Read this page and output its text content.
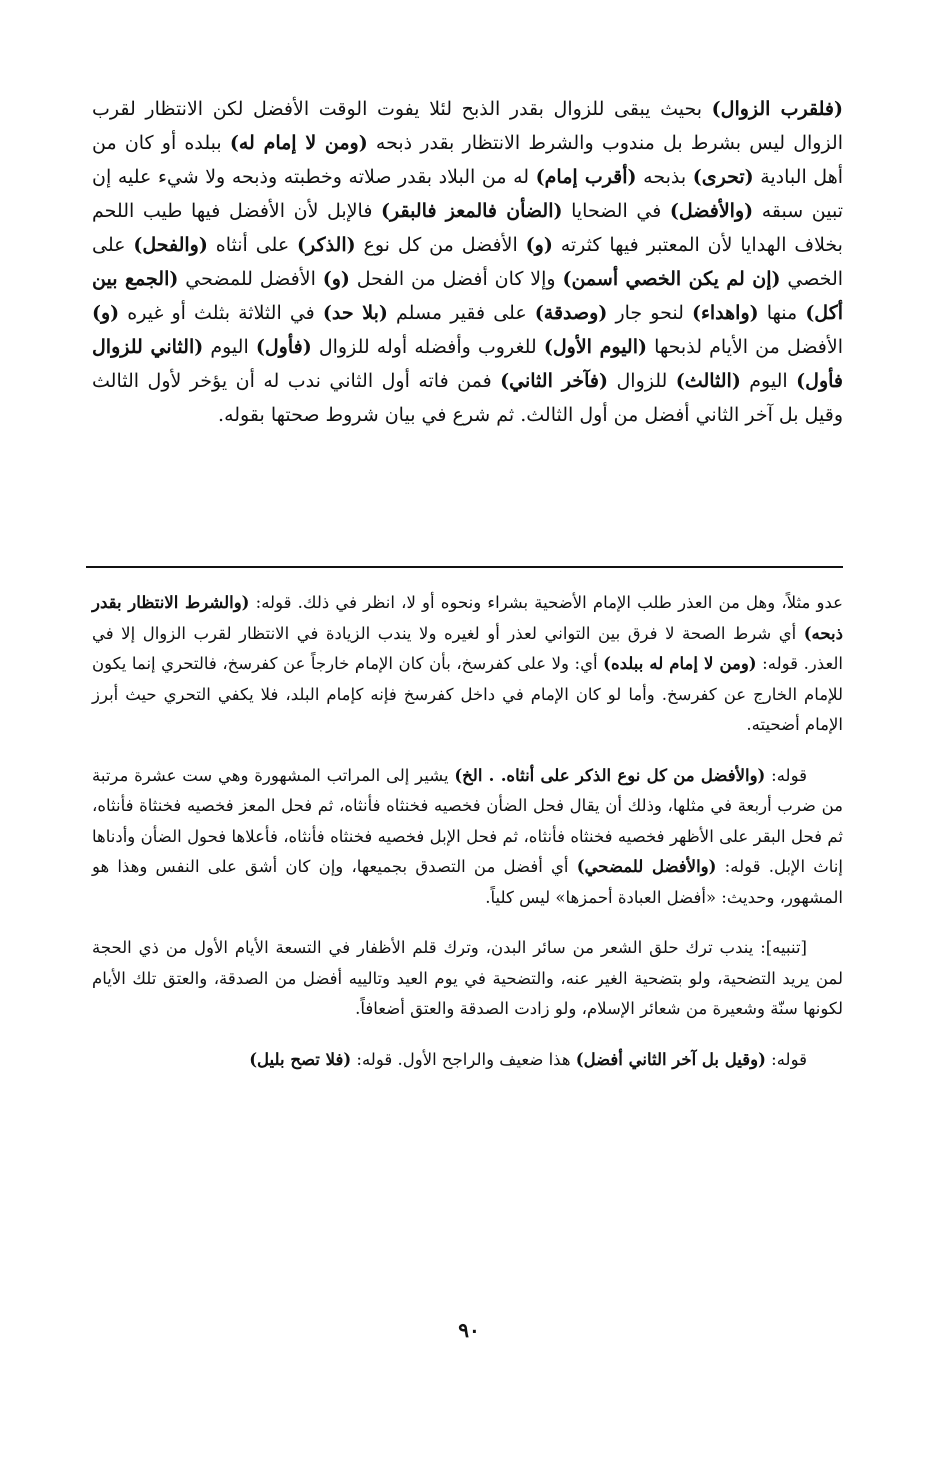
(فلقرب الزوال) بحيث يبقى للزوال بقدر الذبح لئلا يفوت الوقت الأفضل لكن الانتظار لقرب الزوال ليس بشرط بل مندوب والشرط الانتظار بقدر ذبحه (ومن لا إمام له) ببلده أو كان من أهل البادية (تحرى) بذبحه (أقرب إمام) له من البلاد بقدر صلاته وخطبته وذبحه ولا شيء عليه إن تبين سبقه (والأفضل) في الضحايا (الضأن فالمعز فالبقر) فالإبل لأن الأفضل فيها طيب اللحم بخلاف الهدايا لأن المعتبر فيها كثرته (و) الأفضل من كل نوع (الذكر) على أنثاه (والفحل) على الخصي (إن لم يكن الخصي أسمن) وإلا كان أفضل من الفحل (و) الأفضل للمضحي (الجمع بين أكل) منها (واهداء) لنحو جار (وصدقة) على فقير مسلم (بلا حد) في الثلاثة بثلث أو غيره (و) الأفضل من الأيام لذبحها (اليوم الأول) للغروب وأفضله أوله للزوال (فأول) اليوم (الثاني للزوال فأول) اليوم (الثالث) للزوال (فآخر الثاني) فمن فاته أول الثاني ندب له أن يؤخر لأول الثالث وقيل بل آخر الثاني أفضل من أول الثالث. ثم شرع في بيان شروط صحتها بقوله.

عدو مثلاً، وهل من العذر طلب الإمام الأضحية بشراء ونحوه أو لا، انظر في ذلك. قوله: (والشرط الانتظار بقدر ذبحه) أي شرط الصحة لا فرق بين التواني لعذر أو لغيره ولا يندب الزيادة في الانتظار لقرب الزوال إلا في العذر. قوله: (ومن لا إمام له ببلده) أي: ولا على كفرسخ، بأن كان الإمام خارجاً عن كفرسخ، فالتحري إنما يكون للإمام الخارج عن كفرسخ. وأما لو كان الإمام في داخل كفرسخ فإنه كإمام البلد، فلا يكفي التحري حيث أبرز الإمام أضحيته.

قوله: (والأفضل من كل نوع الذكر على أنثاه. . الخ) يشير إلى المراتب المشهورة وهي ست عشرة مرتبة من ضرب أربعة في مثلها، وذلك أن يقال فحل الضأن فخصيه فخنثاه فأنثاه، ثم فحل المعز فخصيه فخنثاة فأنثاه، ثم فحل البقر على الأظهر فخصيه فخنثاه فأنثاه، ثم فحل الإبل فخصيه فخنثاه فأنثاه، فأعلاها فحول الضأن وأدناها إناث الإبل. قوله: (والأفضل للمضحي) أي أفضل من التصدق بجميعها، وإن كان أشق على النفس وهذا هو المشهور، وحديث: «أفضل العبادة أحمزها» ليس كلياً.

[تنبيه]: يندب ترك حلق الشعر من سائر البدن، وترك قلم الأظفار في التسعة الأيام الأول من ذي الحجة لمن يريد التضحية، ولو بتضحية الغير عنه، والتضحية في يوم العيد وتالييه أفضل من الصدقة، والعتق تلك الأيام لكونها سنّة وشعيرة من شعائر الإسلام، ولو زادت الصدقة والعتق أضعافاً.

قوله: (وقيل بل آخر الثاني أفضل) هذا ضعيف والراجح الأول. قوله: (فلا تصح بليل)

٩٠
